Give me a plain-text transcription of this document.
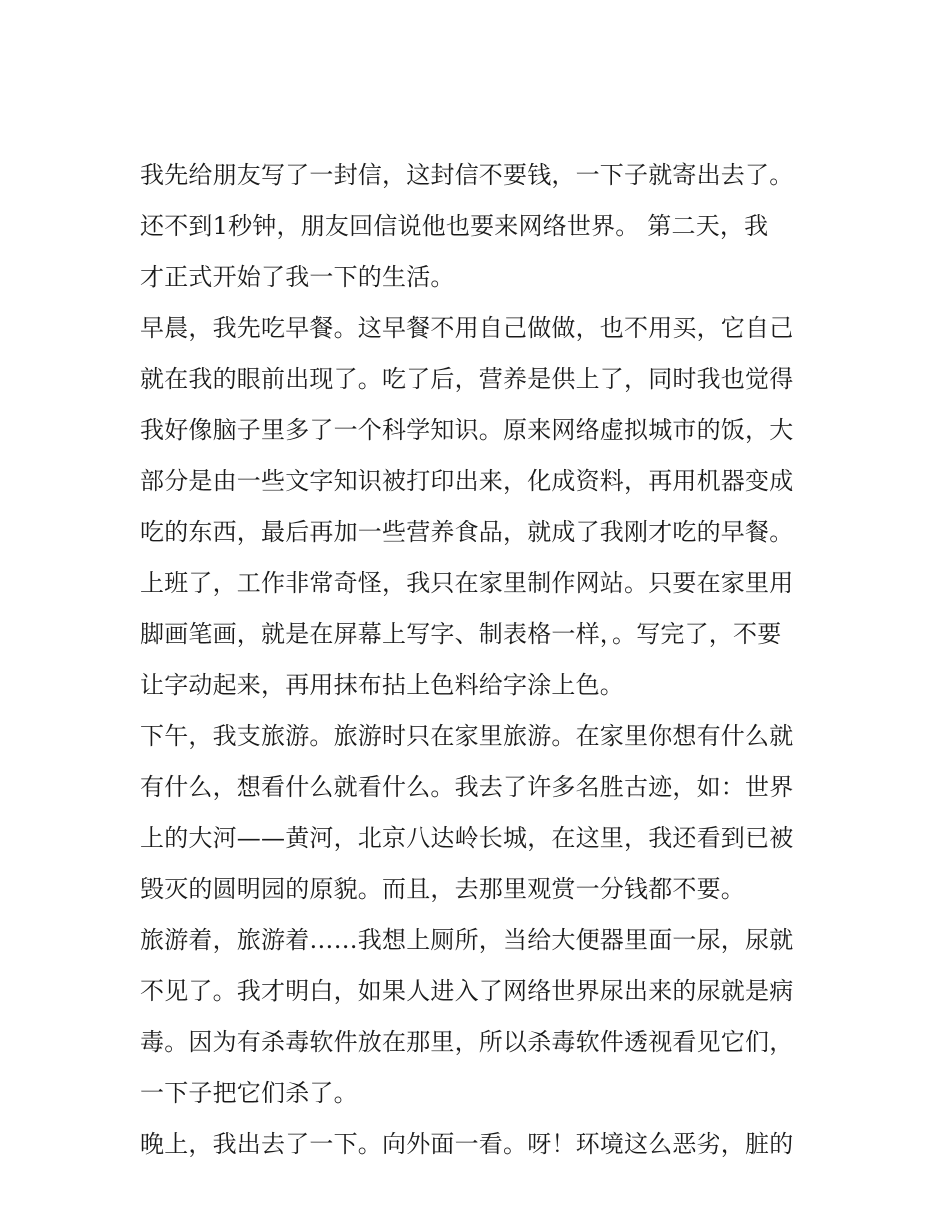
我先给朋友写了一封信，这封信不要钱，一下子就寄出去了。
还不到1秒钟，朋友回信说他也要来网络世界。 第二天，我
才正式开始了我一下的生活。
早晨，我先吃早餐。这早餐不用自己做做，也不用买，它自己
就在我的眼前出现了。吃了后，营养是供上了，同时我也觉得
我好像脑子里多了一个科学知识。原来网络虚拟城市的饭，大
部分是由一些文字知识被打印出来，化成资料，再用机器变成
吃的东西，最后再加一些营养食品，就成了我刚才吃的早餐。
上班了，工作非常奇怪，我只在家里制作网站。只要在家里用
脚画笔画，就是在屏幕上写字、制表格一样，。写完了，不要
让字动起来，再用抹布拈上色料给字涂上色。
下午，我支旅游。旅游时只在家里旅游。在家里你想有什么就
有什么，想看什么就看什么。我去了许多名胜古迹，如：世界
上的大河——黄河，北京八达岭长城，在这里，我还看到已被
毁灭的圆明园的原貌。而且，去那里观赏一分钱都不要。
旅游着，旅游着……我想上厕所，当给大便器里面一尿，尿就
不见了。我才明白，如果人进入了网络世界尿出来的尿就是病
毒。因为有杀毒软件放在那里，所以杀毒软件透视看见它们，
一下子把它们杀了。
晚上，我出去了一下。向外面一看。呀！环境这么恶劣，脏的
